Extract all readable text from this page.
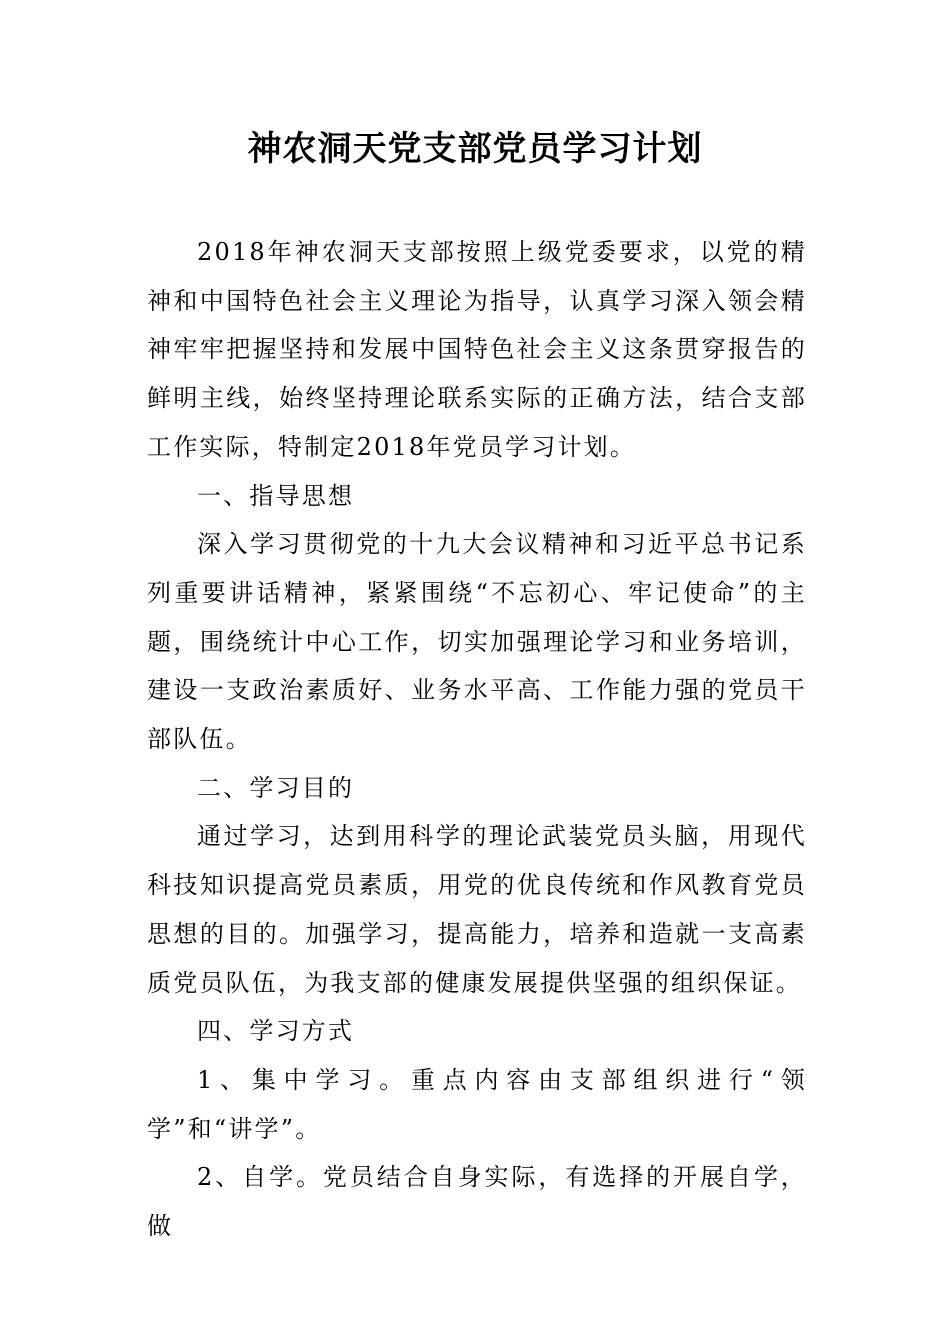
神农洞天党支部党员学习计划

2018年神农洞天支部按照上级党委要求，以党的精神和中国特色社会主义理论为指导，认真学习深入领会精神牢牢把握坚持和发展中国特色社会主义这条贯穿报告的鲜明主线，始终坚持理论联系实际的正确方法，结合支部工作实际，特制定2018年党员学习计划。

一、指导思想

深入学习贯彻党的十九大会议精神和习近平总书记系列重要讲话精神，紧紧围绕“不忘初心、牢记使命”的主题，围绕统计中心工作，切实加强理论学习和业务培训，建设一支政治素质好、业务水平高、工作能力强的党员干部队伍。

二、学习目的

通过学习，达到用科学的理论武装党员头脑，用现代科技知识提高党员素质，用党的优良传统和作风教育党员思想的目的。加强学习，提高能力，培养和造就一支高素质党员队伍，为我支部的健康发展提供坚强的组织保证。

四、学习方式

1、集中学习。重点内容由支部组织进行“领学”和“讲学”。

2、自学。党员结合自身实际，有选择的开展自学，做
